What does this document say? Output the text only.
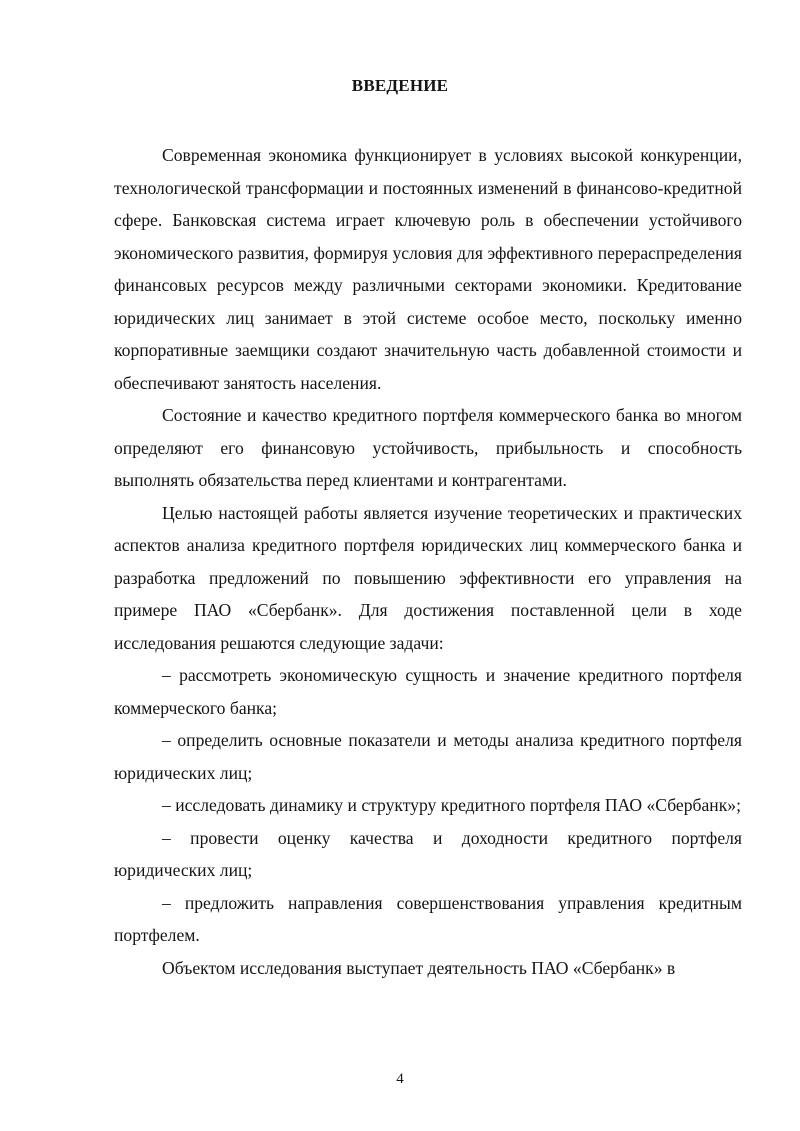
ВВЕДЕНИЕ

Современная экономика функционирует в условиях высокой конкуренции, технологической трансформации и постоянных изменений в финансово-кредитной сфере. Банковская система играет ключевую роль в обеспечении устойчивого экономического развития, формируя условия для эффективного перераспределения финансовых ресурсов между различными секторами экономики. Кредитование юридических лиц занимает в этой системе особое место, поскольку именно корпоративные заемщики создают значительную часть добавленной стоимости и обеспечивают занятость населения.

Состояние и качество кредитного портфеля коммерческого банка во многом определяют его финансовую устойчивость, прибыльность и способность выполнять обязательства перед клиентами и контрагентами.

Целью настоящей работы является изучение теоретических и практических аспектов анализа кредитного портфеля юридических лиц коммерческого банка и разработка предложений по повышению эффективности его управления на примере ПАО «Сбербанк». Для достижения поставленной цели в ходе исследования решаются следующие задачи:

– рассмотреть экономическую сущность и значение кредитного портфеля коммерческого банка;

– определить основные показатели и методы анализа кредитного портфеля юридических лиц;

– исследовать динамику и структуру кредитного портфеля ПАО «Сбербанк»;

– провести оценку качества и доходности кредитного портфеля юридических лиц;

– предложить направления совершенствования управления кредитным портфелем.

Объектом исследования выступает деятельность ПАО «Сбербанк» в

4
